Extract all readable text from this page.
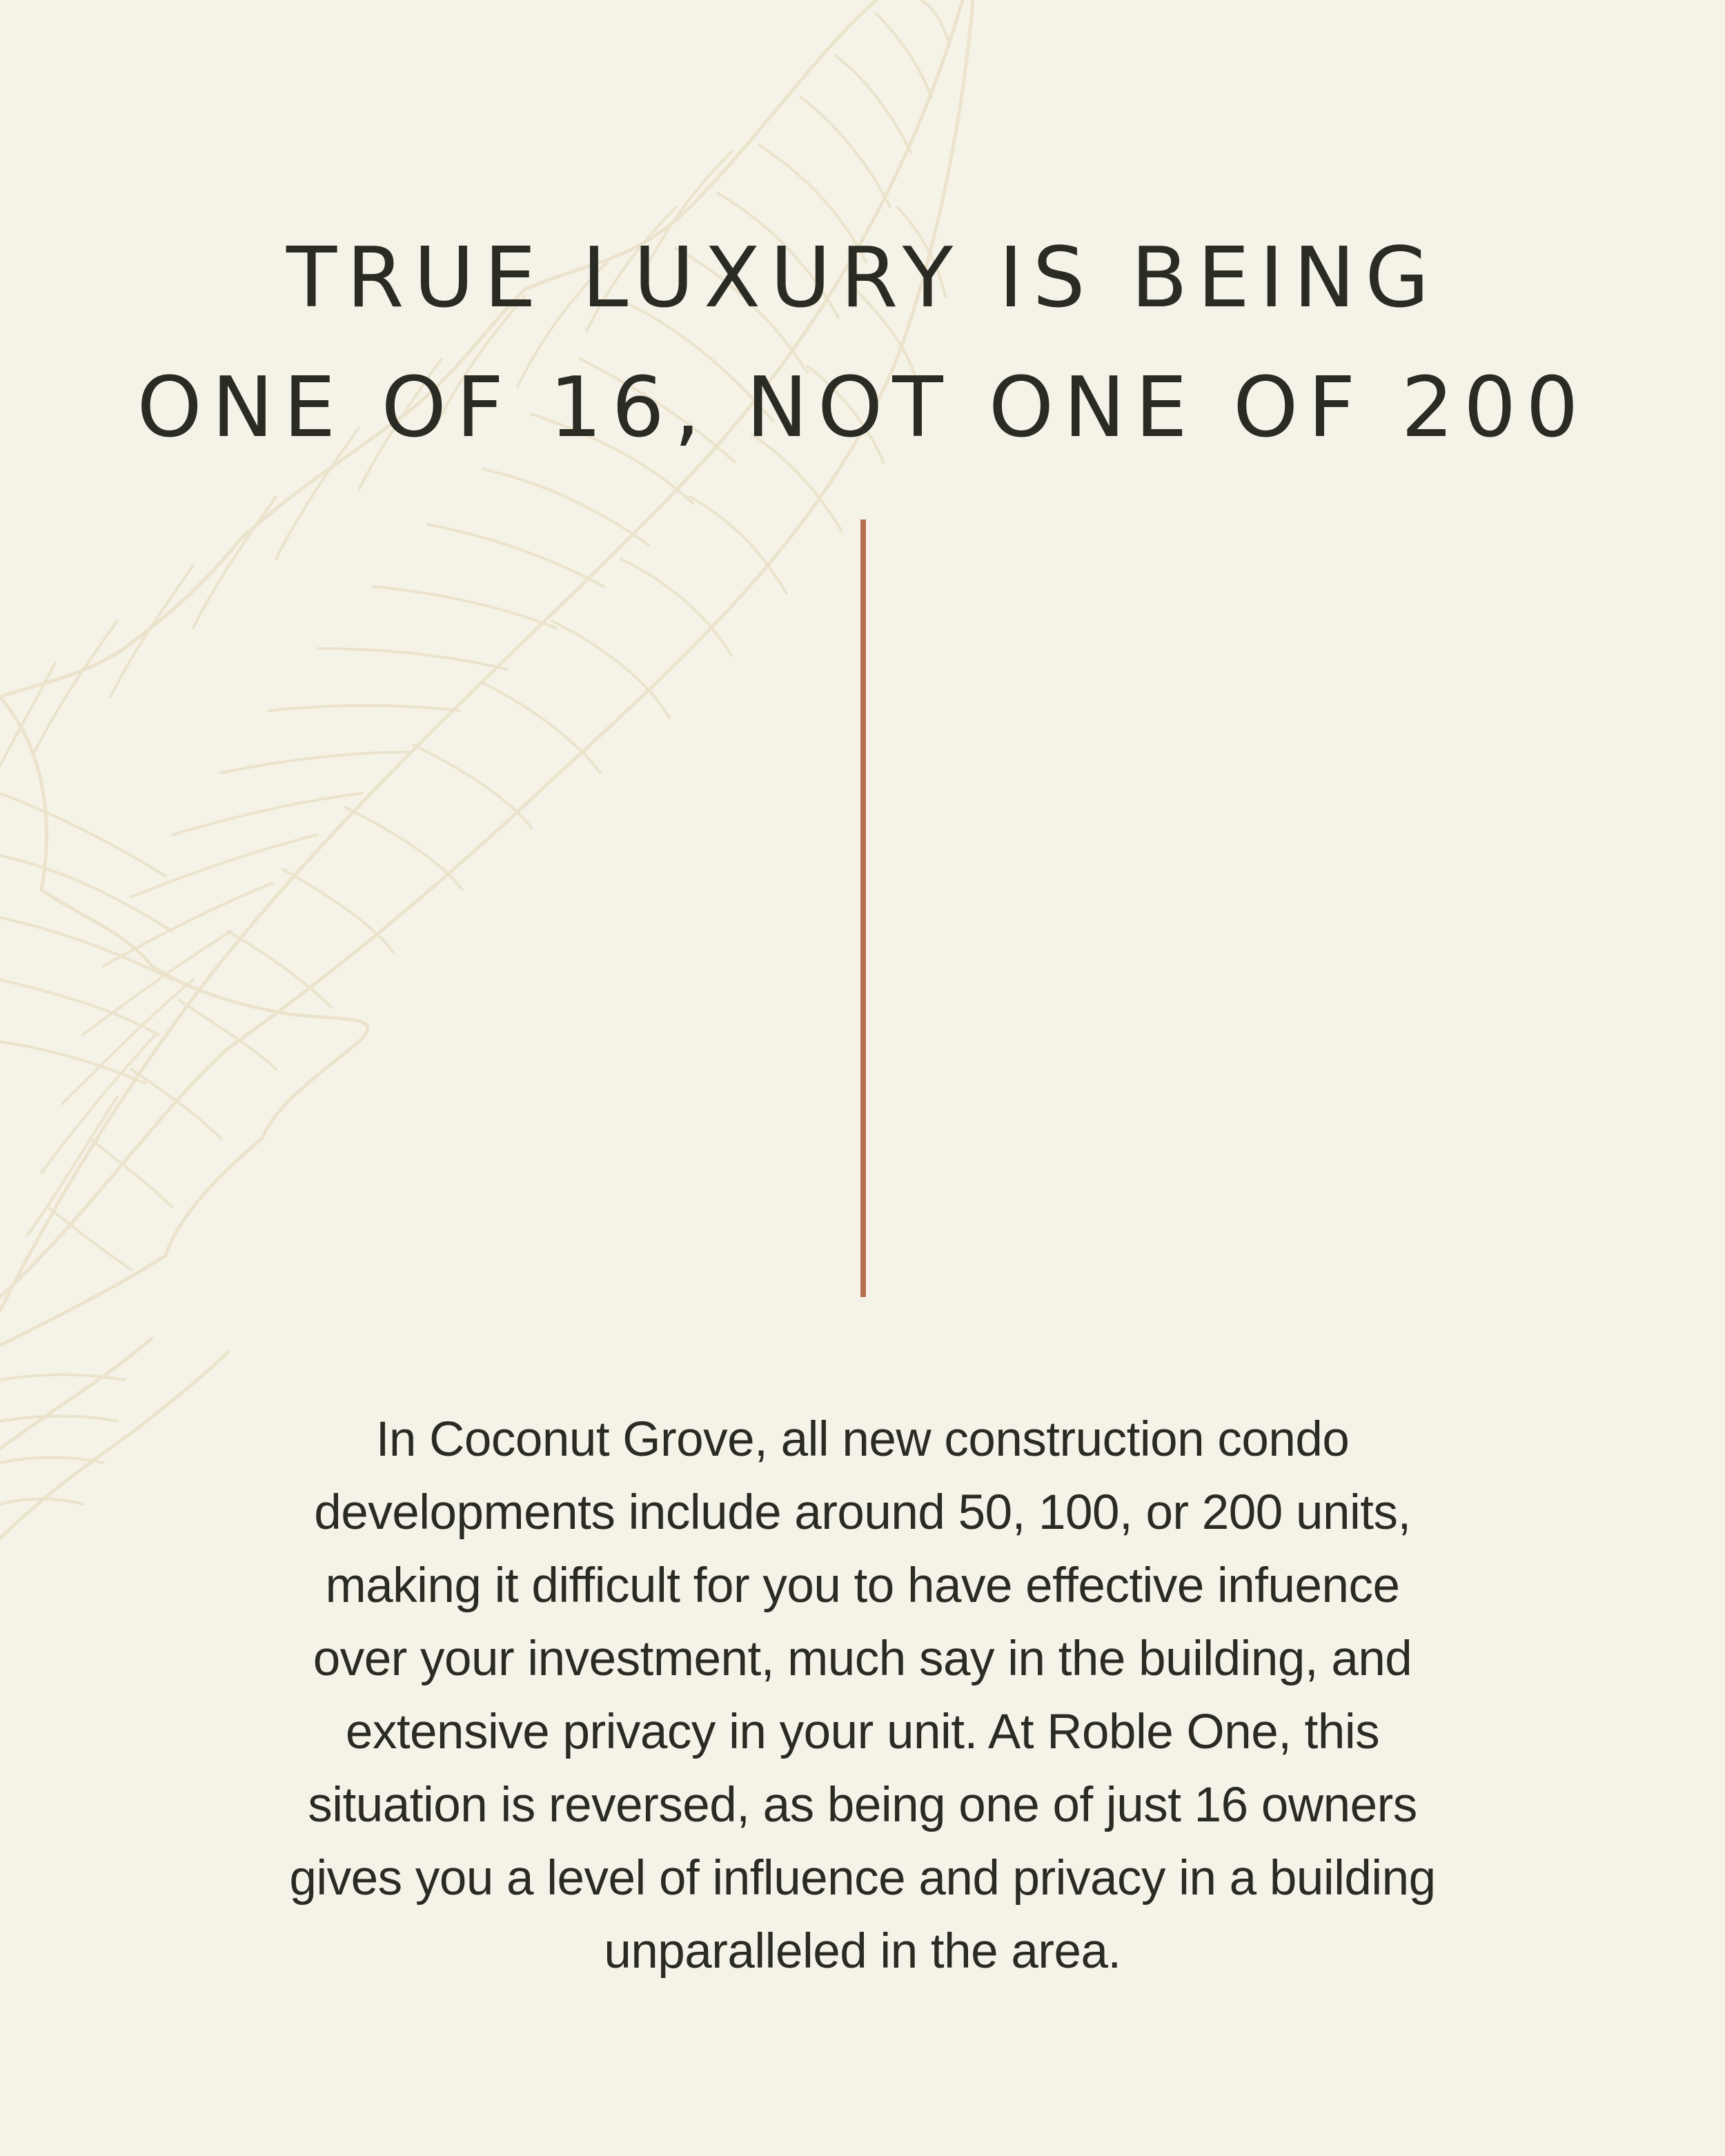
TRUE LUXURY IS BEING
ONE OF 16, NOT ONE OF 200
In Coconut Grove, all new construction condo
developments include around 50, 100, or 200 units,
making it difficult for you to have effective infuence
over your investment, much say in the building, and
extensive privacy in your unit. At Roble One, this
situation is reversed, as being one of just 16 owners
gives you a level of influence and privacy in a building
unparalleled in the area.
